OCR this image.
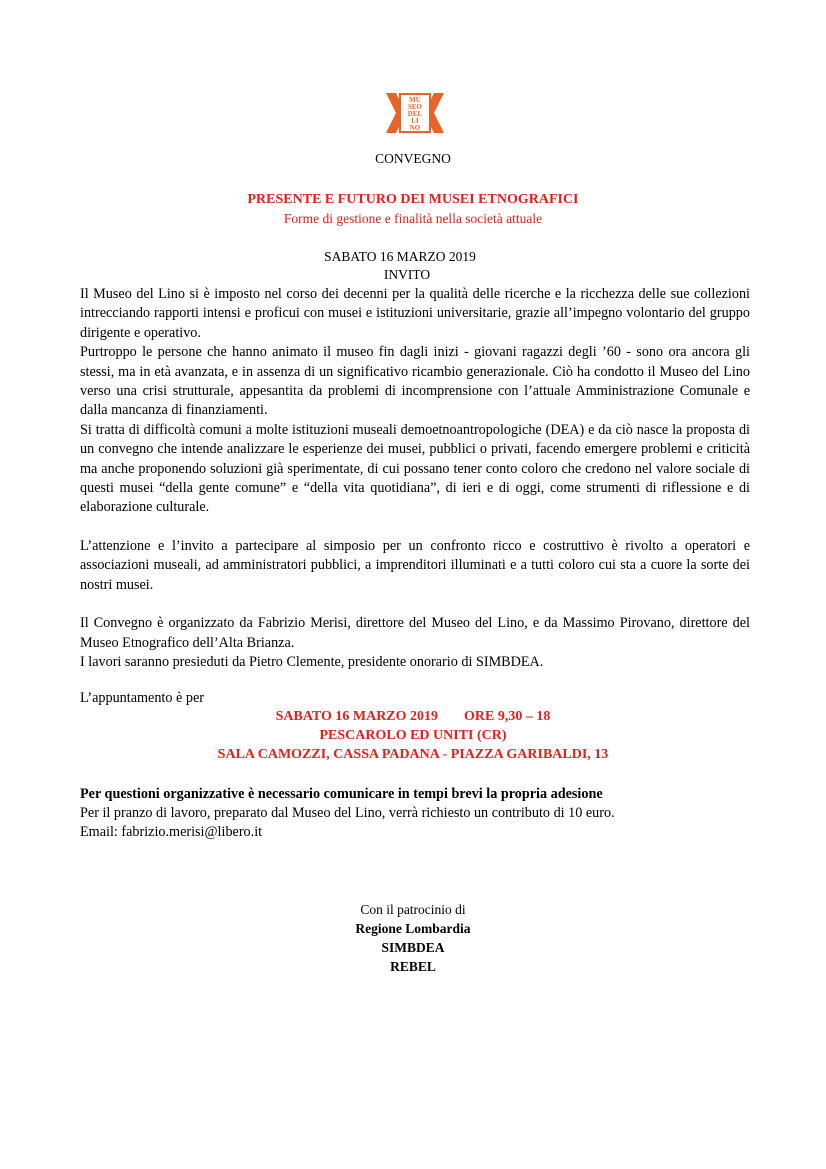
MU
SEO
DEL
LI
NO
CONVEGNO
PRESENTE E FUTURO DEI MUSEI ETNOGRAFICI
Forme di gestione e finalità nella società attuale
SABATO 16 MARZO 2019
INVITO

Il Museo del Lino si è imposto nel corso dei decenni per la qualità delle ricerche e la ricchezza delle sue collezioni intrecciando rapporti intensi e proficui con musei e istituzioni universitarie, grazie all’impegno volontario del gruppo dirigente e operativo.

Purtroppo le persone che hanno animato il museo fin dagli inizi - giovani ragazzi degli ’60 - sono ora ancora gli stessi, ma in età avanzata, e in assenza di un significativo ricambio generazionale. Ciò ha condotto il Museo del Lino verso una crisi strutturale, appesantita da problemi di incomprensione con l’attuale Amministrazione Comunale e dalla mancanza di finanziamenti.

Si tratta di difficoltà comuni a molte istituzioni museali demoetnoantropologiche (DEA) e da ciò nasce la proposta di un convegno che intende analizzare le esperienze dei musei, pubblici o privati, facendo emergere problemi e criticità ma anche proponendo soluzioni già sperimentate, di cui possano tener conto coloro che credono nel valore sociale di questi musei “della gente comune” e “della vita quotidiana”, di ieri e di oggi, come strumenti di riflessione e di elaborazione culturale.

L’attenzione e l’invito a partecipare al simposio per un confronto ricco e costruttivo è rivolto a operatori e associazioni museali, ad amministratori pubblici, a imprenditori illuminati e a tutti coloro cui sta a cuore la sorte dei nostri musei.

Il Convegno è organizzato da Fabrizio Merisi, direttore del Museo del Lino, e da Massimo Pirovano, direttore del Museo Etnografico dell’Alta Brianza.

I lavori saranno presieduti da Pietro Clemente, presidente onorario di SIMBDEA.

L’appuntamento è per
SABATO 16 MARZO 2019 ORE 9,30 – 18
PESCAROLO ED UNITI (CR)
SALA CAMOZZI, CASSA PADANA - PIAZZA GARIBALDI, 13
Per questioni organizzative è necessario comunicare in tempi brevi la propria adesione
Per il pranzo di lavoro, preparato dal Museo del Lino, verrà richiesto un contributo di 10 euro.
Email: fabrizio.merisi@libero.it
Con il patrocinio di
Regione Lombardia
SIMBDEA
REBEL
